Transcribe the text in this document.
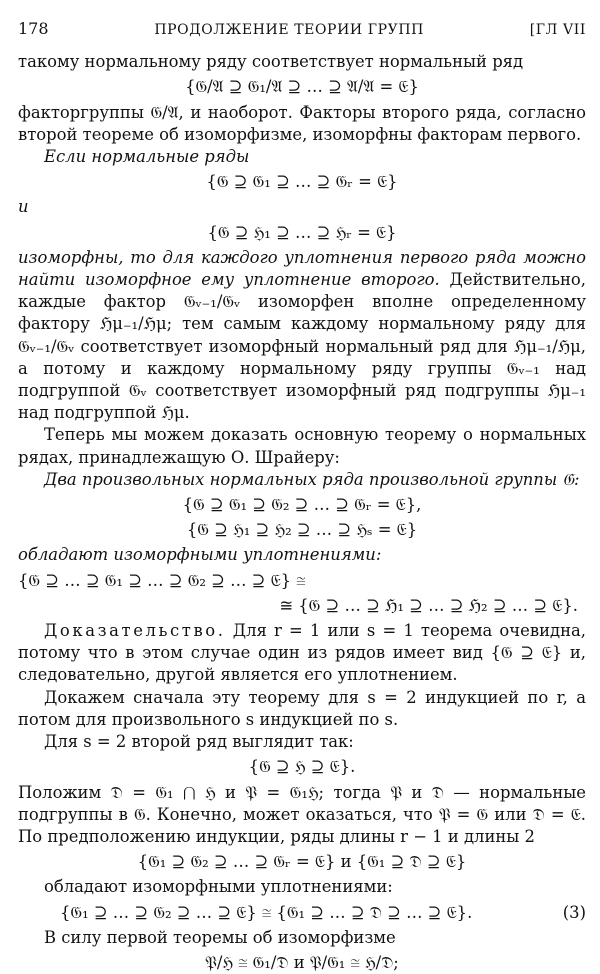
178	ПРОДОЛЖЕНИЕ ТЕОРИИ ГРУПП	[ГЛ VII

такому нормальному ряду соответствует нормальный ряд

{𝔊/𝔄 ⊇ 𝔊₁/𝔄 ⊇ … ⊇ 𝔄/𝔄 = 𝔈}

факторгруппы 𝔊/𝔄, и наоборот. Факторы второго ряда, согласно второй теореме об изоморфизме, изоморфны факторам первого.

Если нормальные ряды

{𝔊 ⊇ 𝔊₁ ⊇ … ⊇ 𝔊ᵣ = 𝔈}

и

{𝔊 ⊇ ℌ₁ ⊇ … ⊇ ℌᵣ = 𝔈}

изоморфны, то для каждого уплотнения первого ряда можно найти изоморфное ему уплотнение второго. Действительно, каждые фактор 𝔊ᵥ₋₁/𝔊ᵥ изоморфен вполне определенному фактору ℌμ₋₁/ℌμ; тем самым каждому нормальному ряду для 𝔊ᵥ₋₁/𝔊ᵥ соответствует изоморфный нормальный ряд для ℌμ₋₁/ℌμ, а потому и каждому нормальному ряду группы 𝔊ᵥ₋₁ над подгруппой 𝔊ᵥ соответствует изоморфный ряд подгруппы ℌμ₋₁ над подгруппой ℌμ.

Теперь мы можем доказать основную теорему о нормальных рядах, принадлежащую О. Шрайеру:

Два произвольных нормальных ряда произвольной группы 𝔊:

{𝔊 ⊇ 𝔊₁ ⊇ 𝔊₂ ⊇ … ⊇ 𝔊ᵣ = 𝔈},
{𝔊 ⊇ ℌ₁ ⊇ ℌ₂ ⊇ … ⊇ ℌₛ = 𝔈}

обладают изоморфными уплотнениями:

{𝔊 ⊇ … ⊇ 𝔊₁ ⊇ … ⊇ 𝔊₂ ⊇ … ⊇ 𝔈} ≅
≅ {𝔊 ⊇ … ⊇ ℌ₁ ⊇ … ⊇ ℌ₂ ⊇ … ⊇ 𝔈}.

Доказательство. Для r = 1 или s = 1 теорема очевидна, потому что в этом случае один из рядов имеет вид {𝔊 ⊇ 𝔈} и, следовательно, другой является его уплотнением.

Докажем сначала эту теорему для s = 2 индукцией по r, а потом для произвольного s индукцией по s.

Для s = 2 второй ряд выглядит так:

{𝔊 ⊇ ℌ ⊇ 𝔈}.

Положим 𝔇 = 𝔊₁ ⋂ ℌ и 𝔓 = 𝔊₁ℌ; тогда 𝔓 и 𝔇 — нормальные подгруппы в 𝔊. Конечно, может оказаться, что 𝔓 = 𝔊 или 𝔇 = 𝔈. По предположению индукции, ряды длины r − 1 и длины 2

{𝔊₁ ⊇ 𝔊₂ ⊇ … ⊇ 𝔊ᵣ = 𝔈} и {𝔊₁ ⊇ 𝔇 ⊇ 𝔈}

обладают изоморфными уплотнениями:

{𝔊₁ ⊇ … ⊇ 𝔊₂ ⊇ … ⊇ 𝔈} ≅ {𝔊₁ ⊇ … ⊇ 𝔇 ⊇ … ⊇ 𝔈}.	(3)

В силу первой теоремы об изоморфизме

𝔓/ℌ ≅ 𝔊₁/𝔇 и 𝔓/𝔊₁ ≅ ℌ/𝔇;
